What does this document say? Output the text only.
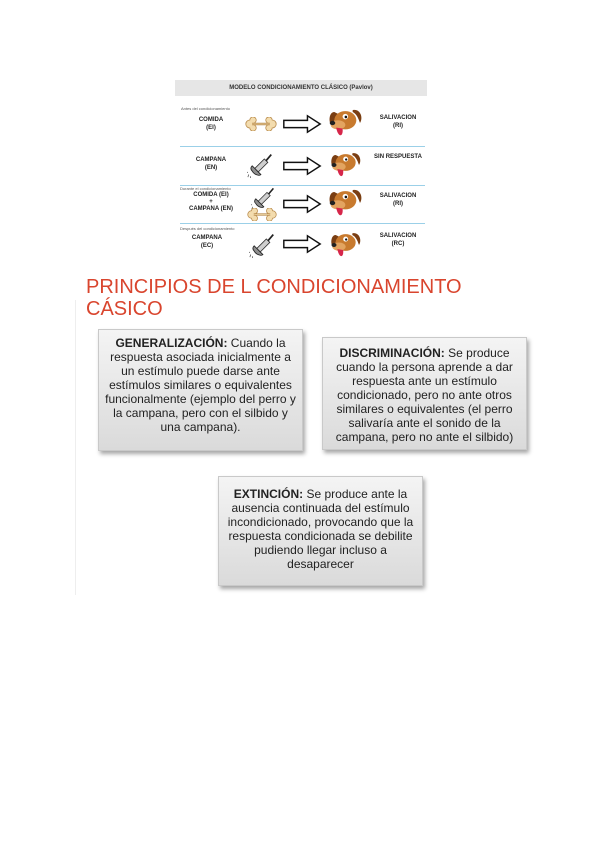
MODELO CONDICIONAMIENTO CLÁSICO (Pavlov)
Antes del condicionamiento
COMIDA
(EI)
SALIVACION
(RI)
CAMPANA
(EN)
SIN RESPUESTA
Durante el condicionamiento
COMIDA (EI)
+
CAMPANA (EN)
SALIVACION
(RI)
Después del condicionamiento
CAMPANA
(EC)
SALIVACION
(RC)
PRINCIPIOS DE L CONDICIONAMIENTO
CÁSICO
GENERALIZACIÓN: Cuando la respuesta asociada inicialmente a un estímulo puede darse ante estímulos similares o equivalentes funcionalmente (ejemplo del perro y la campana, pero con el silbido y una campana).
DISCRIMINACIÓN: Se produce cuando la persona aprende a dar respuesta ante un estímulo condicionado, pero no ante otros similares o equivalentes (el perro salivaría ante el sonido de la campana, pero no ante el silbido)
EXTINCIÓN: Se produce ante la ausencia continuada del estímulo incondicionado, provocando que la respuesta condicionada se debilite pudiendo llegar incluso a desaparecer
